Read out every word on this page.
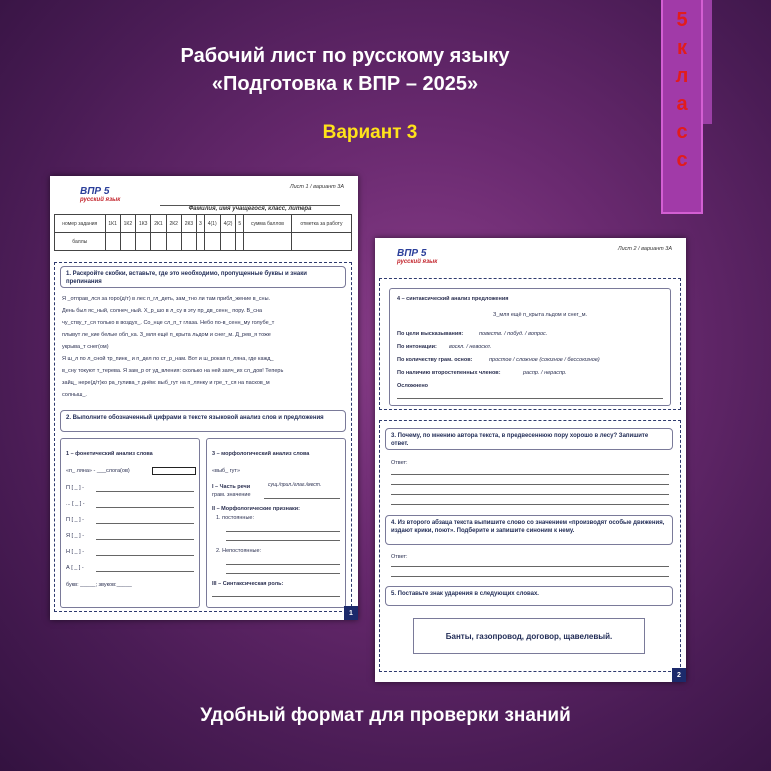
Рабочий лист по русскому языку
«Подготовка к ВПР – 2025»
Вариант 3
5
к
л
а
с
с
ВПР 5
русский язык
Лист 1 / вариант 3А
Фамилия, имя учащегося, класс, литера
номер задания	1К1	1К2	1К3	2К1	2К2	2К3	3	4(1)	4(2)	5	сумма баллов	отметка за работу
баллы												
1. Раскройте скобки, вставьте, где это необходимо, пропущенные буквы и знаки препинания
Я _отправ_лся за горо(д/т) в лес п_гл_деть, зам_тно ли там прибл_жение в_сны.
День был яс_ный, солнеч_ный. Х_р_шо в л_су в эту пр_дв_сенн_ пору. В_сна
чу_ству_т_ся только в воздух_. Со_нце сл_п_т глаза. Небо по-в_сенн_му голубе_т
плывут ле_кие белые обл_ка. З_мля ещё п_крыта льдом и снег_м. Д_рев_я тоже
укрыва_т снег(ом)
Я ш_л по л_сной тр_пинк_ и п_дел по ст_р_нам. Вот и ш_рокая п_ляна, где кажд_
в_сну токуют т_терева. Я зам_р от уд_вления: сколько на ней заяч_их сл_дов! Теперь
зайц_ нере(д/т)ко ра_гулива_т днём: выб_гут на п_лянку и гре_т_ся на пасков_м
солныш_.
2. Выполните обозначенный цифрами в тексте языковой анализ слов и предложения
1 – фонетический анализ слова
«п_ ляна» - ___слога(ов)
П [ _ ] -
... [ _ ] -
П [ _ ] -
Я [ _ ] -
Н [ _ ] -
А [ _ ] -
букв: _____; звуков:_____
3 – морфологический анализ слова
«выб_ гут»
I – Часть речи	сущ./прил./глаг./мест.
грам. значение
II – Морфологические признаки:
1. постоянные:
2. Непостоянные:
III – Синтаксическая роль:
1
ВПР 5
русский язык
Лист 2 / вариант 3А
4 – синтаксический анализ предложения
З_мля ещё п_крыта льдом и снег_м.
По цели высказывания:	повеств. / побуд. / вопрос.
По интонации: воскл. / невоскл.
По количеству грам. основ:	простое / сложное (союзное / бессоюзное)
По наличию второстепенных членов:	распр. / нераспр.
Осложнено
3. Почему, по мнению автора текста, в предвесеннюю пору хорошо в лесу? Запишите ответ.
Ответ:
4. Из второго абзаца текста выпишите слово со значением «производят особые движения, издают крики, поют». Подберите и запишите синоним к нему.
Ответ:
5. Поставьте знак ударения в следующих словах.
Банты, газопровод, договор, щавелевый.
2
Удобный формат для проверки знаний
